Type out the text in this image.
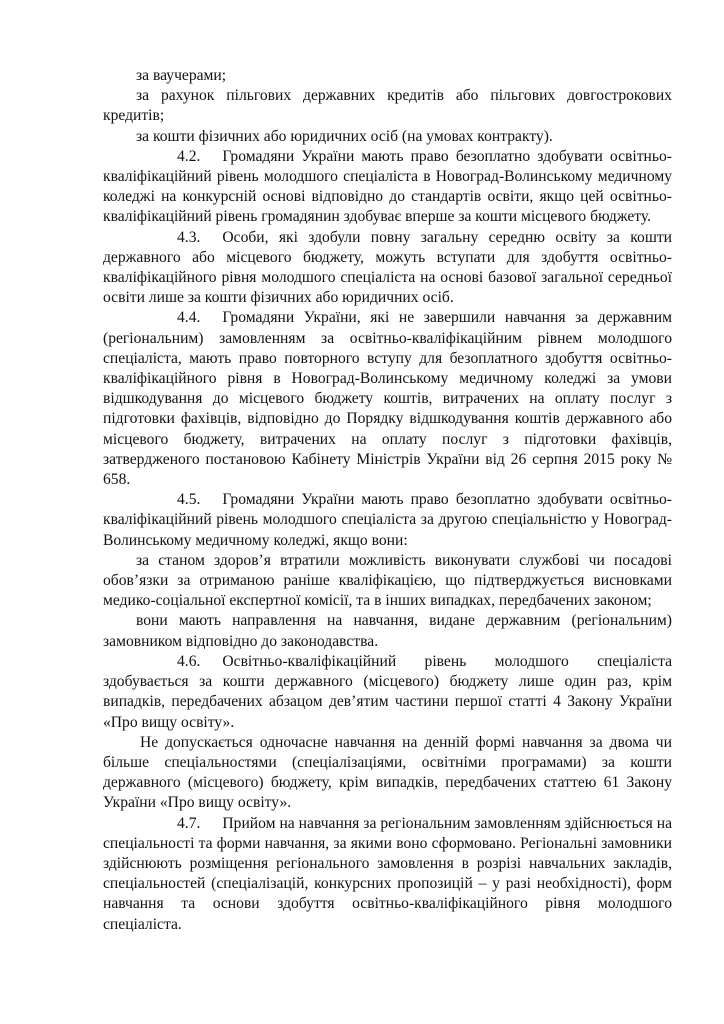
за ваучерами;

за рахунок пільгових державних кредитів або пільгових довгострокових кредитів;

за кошти фізичних або юридичних осіб (на умовах контракту).

4.2. Громадяни України мають право безоплатно здобувати освітньо-кваліфікаційний рівень молодшого спеціаліста в Новоград-Волинському медичному коледжі на конкурсній основі відповідно до стандартів освіти, якщо цей освітньо-кваліфікаційний рівень громадянин здобуває вперше за кошти місцевого бюджету.

4.3. Особи, які здобули повну загальну середню освіту за кошти державного або місцевого бюджету, можуть вступати для здобуття освітньо-кваліфікаційного рівня молодшого спеціаліста на основі базової загальної середньої освіти лише за кошти фізичних або юридичних осіб.

4.4. Громадяни України, які не завершили навчання за державним (регіональним) замовленням за освітньо-кваліфікаційним рівнем молодшого спеціаліста, мають право повторного вступу для безоплатного здобуття освітньо-кваліфікаційного рівня в Новоград-Волинському медичному коледжі за умови відшкодування до місцевого бюджету коштів, витрачених на оплату послуг з підготовки фахівців, відповідно до Порядку відшкодування коштів державного або місцевого бюджету, витрачених на оплату послуг з підготовки фахівців, затвердженого постановою Кабінету Міністрів України від 26 серпня 2015 року № 658.

4.5. Громадяни України мають право безоплатно здобувати освітньо-кваліфікаційний рівень молодшого спеціаліста за другою спеціальністю у Новоград-Волинському медичному коледжі, якщо вони:

за станом здоров’я втратили можливість виконувати службові чи посадові обов’язки за отриманою раніше кваліфікацією, що підтверджується висновками медико-соціальної експертної комісії, та в інших випадках, передбачених законом;

вони мають направлення на навчання, видане державним (регіональним) замовником відповідно до законодавства.

4.6. Освітньо-кваліфікаційний рівень молодшого спеціаліста здобувається за кошти державного (місцевого) бюджету лише один раз, крім випадків, передбачених абзацом дев’ятим частини першої статті 4 Закону України «Про вищу освіту».

Не допускається одночасне навчання на денній формі навчання за двома чи більше спеціальностями (спеціалізаціями, освітніми програмами) за кошти державного (місцевого) бюджету, крім випадків, передбачених статтею 61 Закону України «Про вищу освіту».

4.7. Прийом на навчання за регіональним замовленням здійснюється на спеціальності та форми навчання, за якими воно сформовано. Регіональні замовники здійснюють розміщення регіонального замовлення в розрізі навчальних закладів, спеціальностей (спеціалізацій, конкурсних пропозицій – у разі необхідності), форм навчання та основи здобуття освітньо-кваліфікаційного рівня молодшого спеціаліста.
